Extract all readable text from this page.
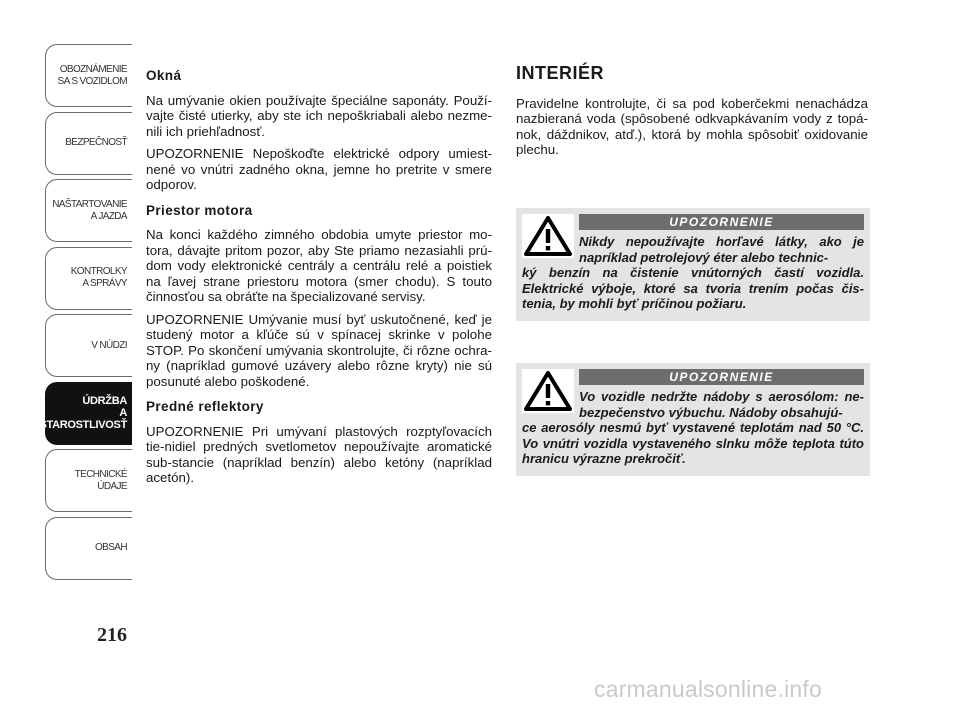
OBOZNÁMENIE
SA S VOZIDLOM
BEZPEČNOSŤ
NAŠTARTOVANIE
A JAZDA
KONTROLKY
A SPRÁVY
V NÚDZI
ÚDRŽBA
A STAROSTLIVOSŤ
TECHNICKÉ
ÚDAJE
OBSAH
216
Okná

Na umývanie okien používajte špeciálne saponáty. Použí-vajte čisté utierky, aby ste ich nepoškriabali alebo nezme-nili ich priehľadnosť.

UPOZORNENIE Nepoškoďte elektrické odpory umiest-nené vo vnútri zadného okna, jemne ho pretrite v smere odporov.

Priestor motora

Na konci každého zimného obdobia umyte priestor mo-tora, dávajte pritom pozor, aby Ste priamo nezasiahli prú-dom vody elektronické centrály a centrálu relé a poistiek na ľavej strane priestoru motora (smer chodu). S touto činnosťou sa obráťte na špecializované servisy.

UPOZORNENIE Umývanie musí byť uskutočnené, keď je studený motor a kľúče sú v spínacej skrinke v polohe STOP. Po skončení umývania skontrolujte, či rôzne ochra-ny (napríklad gumové uzávery alebo rôzne kryty) nie sú posunuté alebo poškodené.

Predné reflektory

UPOZORNENIE Pri umývaní plastových rozptyľovacích tie-nidiel predných svetlometov nepoužívajte aromatické sub-stancie (napríklad benzín) alebo ketóny (napríklad acetón).

INTERIÉR

Pravidelne kontrolujte, či sa pod koberčekmi nenachádza nazbieraná voda (spôsobené odkvapkávaním vody z topá-nok, dáždnikov, atď.), ktorá by mohla spôsobiť oxidovanie plechu.

UPOZORNENIE
Nikdy nepoužívajte horľavé látky, ako je napríklad petrolejový éter alebo technic-
ký benzín na čistenie vnútorných častí vozidla. Elektrické výboje, ktoré sa tvoria trením počas čis-tenia, by mohli byť príčinou požiaru.
UPOZORNENIE
Vo vozidle nedržte nádoby s aerosólom: ne-bezpečenstvo výbuchu. Nádoby obsahujú-
ce aerosóly nesmú byť vystavené teplotám nad 50 °C. Vo vnútri vozidla vystaveného slnku môže teplota túto hranicu výrazne prekročiť.
carmanualsonline.info
